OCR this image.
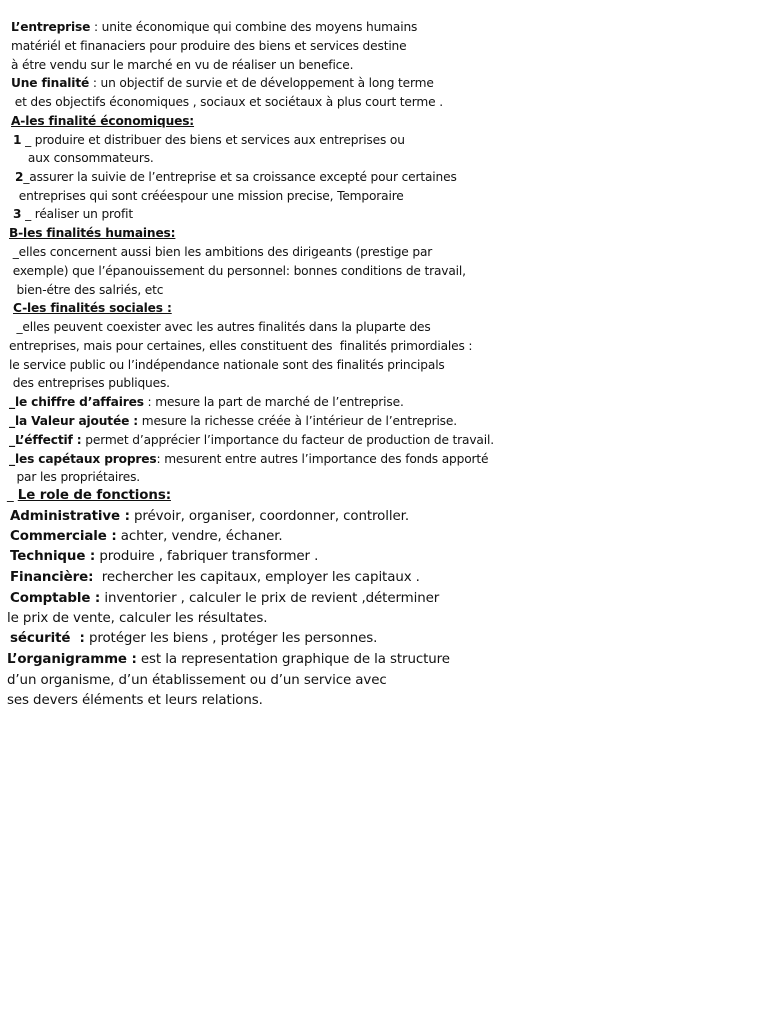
L’entreprise : unite économique qui combine des moyens humains
matériél et finanaciers pour produire des biens et services destine
à étre vendu sur le marché en vu de réaliser un benefice.
Une finalité : un objectif de survie et de développement à long terme
et des objectifs économiques , sociaux et sociétaux à plus court terme .
A-les finalité économiques:
1 _ produire et distribuer des biens et services aux entreprises ou
aux consommateurs.
2_assurer la suivie de l’entreprise et sa croissance excepté pour certaines
entreprises qui sont crééespour une mission precise, Temporaire
3 _ réaliser un profit
B-les finalités humaines:
_elles concernent aussi bien les ambitions des dirigeants (prestige par
exemple) que l’épanouissement du personnel: bonnes conditions de travail,
bien-étre des salriés, etc
C-les finalités sociales :
_elles peuvent coexister avec les autres finalités dans la pluparte des
entreprises, mais pour certaines, elles constituent des  finalités primordiales :
le service public ou l’indépendance nationale sont des finalités principals
des entreprises publiques.
_le chiffre d’affaires : mesure la part de marché de l’entreprise.
_la Valeur ajoutée : mesure la richesse créée à l’intérieur de l’entreprise.
_L’éffectif : permet d’apprécier l’importance du facteur de production de travail.
_les capétaux propres: mesurent entre autres l’importance des fonds apporté
par les propriétaires.
_ Le role de fonctions:
Administrative : prévoir, organiser, coordonner, controller.
Commerciale : achter, vendre, échaner.
Technique : produire , fabriquer transformer .
Financière:  rechercher les capitaux, employer les capitaux .
Comptable : inventorier , calculer le prix de revient ,déterminer
le prix de vente, calculer les résultates.
sécurité  : protéger les biens , protéger les personnes.
L’organigramme : est la representation graphique de la structure
d’un organisme, d’un établissement ou d’un service avec
ses devers éléments et leurs relations.
